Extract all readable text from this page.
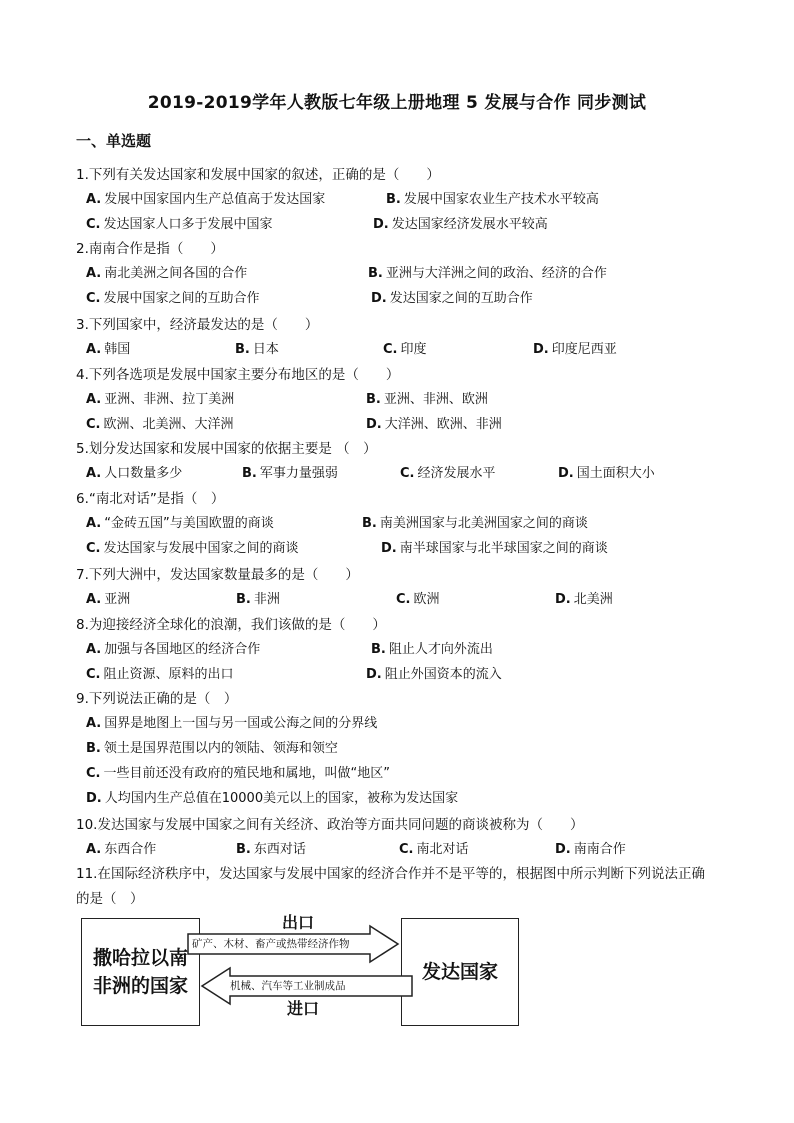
2019-2019学年人教版七年级上册地理 5 发展与合作 同步测试
一、单选题
1.下列有关发达国家和发展中国家的叙述，正确的是（　　）
A. 发展中国家国内生产总值高于发达国家	B. 发展中国家农业生产技术水平较高
C. 发达国家人口多于发展中国家	D. 发达国家经济发展水平较高
2.南南合作是指（　　）
A. 南北美洲之间各国的合作	B. 亚洲与大洋洲之间的政治、经济的合作
C. 发展中国家之间的互助合作	D. 发达国家之间的互助合作
3.下列国家中，经济最发达的是（　　）
A. 韩国	B. 日本	C. 印度	D. 印度尼西亚
4.下列各选项是发展中国家主要分布地区的是（　　）
A. 亚洲、非洲、拉丁美洲	B. 亚洲、非洲、欧洲
C. 欧洲、北美洲、大洋洲	D. 大洋洲、欧洲、非洲
5.划分发达国家和发展中国家的依据主要是 （　）
A. 人口数量多少	B. 军事力量强弱	C. 经济发展水平	D. 国土面积大小
6.“南北对话”是指（　）
A. “金砖五国”与美国欧盟的商谈	B. 南美洲国家与北美洲国家之间的商谈
C. 发达国家与发展中国家之间的商谈	D. 南半球国家与北半球国家之间的商谈
7.下列大洲中，发达国家数量最多的是（　　）
A. 亚洲	B. 非洲	C. 欧洲	D. 北美洲
8.为迎接经济全球化的浪潮，我们该做的是（　　）
A. 加强与各国地区的经济合作	B. 阻止人才向外流出
C. 阻止资源、原料的出口	D. 阻止外国资本的流入
9.下列说法正确的是（　）
A. 国界是地图上一国与另一国或公海之间的分界线
B. 领土是国界范围以内的领陆、领海和领空
C. 一些目前还没有政府的殖民地和属地，叫做“地区”
D. 人均国内生产总值在10000美元以上的国家，被称为发达国家
10.发达国家与发展中国家之间有关经济、政治等方面共同问题的商谈被称为（　　）
A. 东西合作	B. 东西对话	C. 南北对话	D. 南南合作
11.在国际经济秩序中，发达国家与发展中国家的经济合作并不是平等的，根据图中所示判断下列说法正确
的是（　）
撒哈拉以南
非洲的国家
发达国家
出口
矿产、木材、畜产或热带经济作物
机械、汽车等工业制成品
进口
